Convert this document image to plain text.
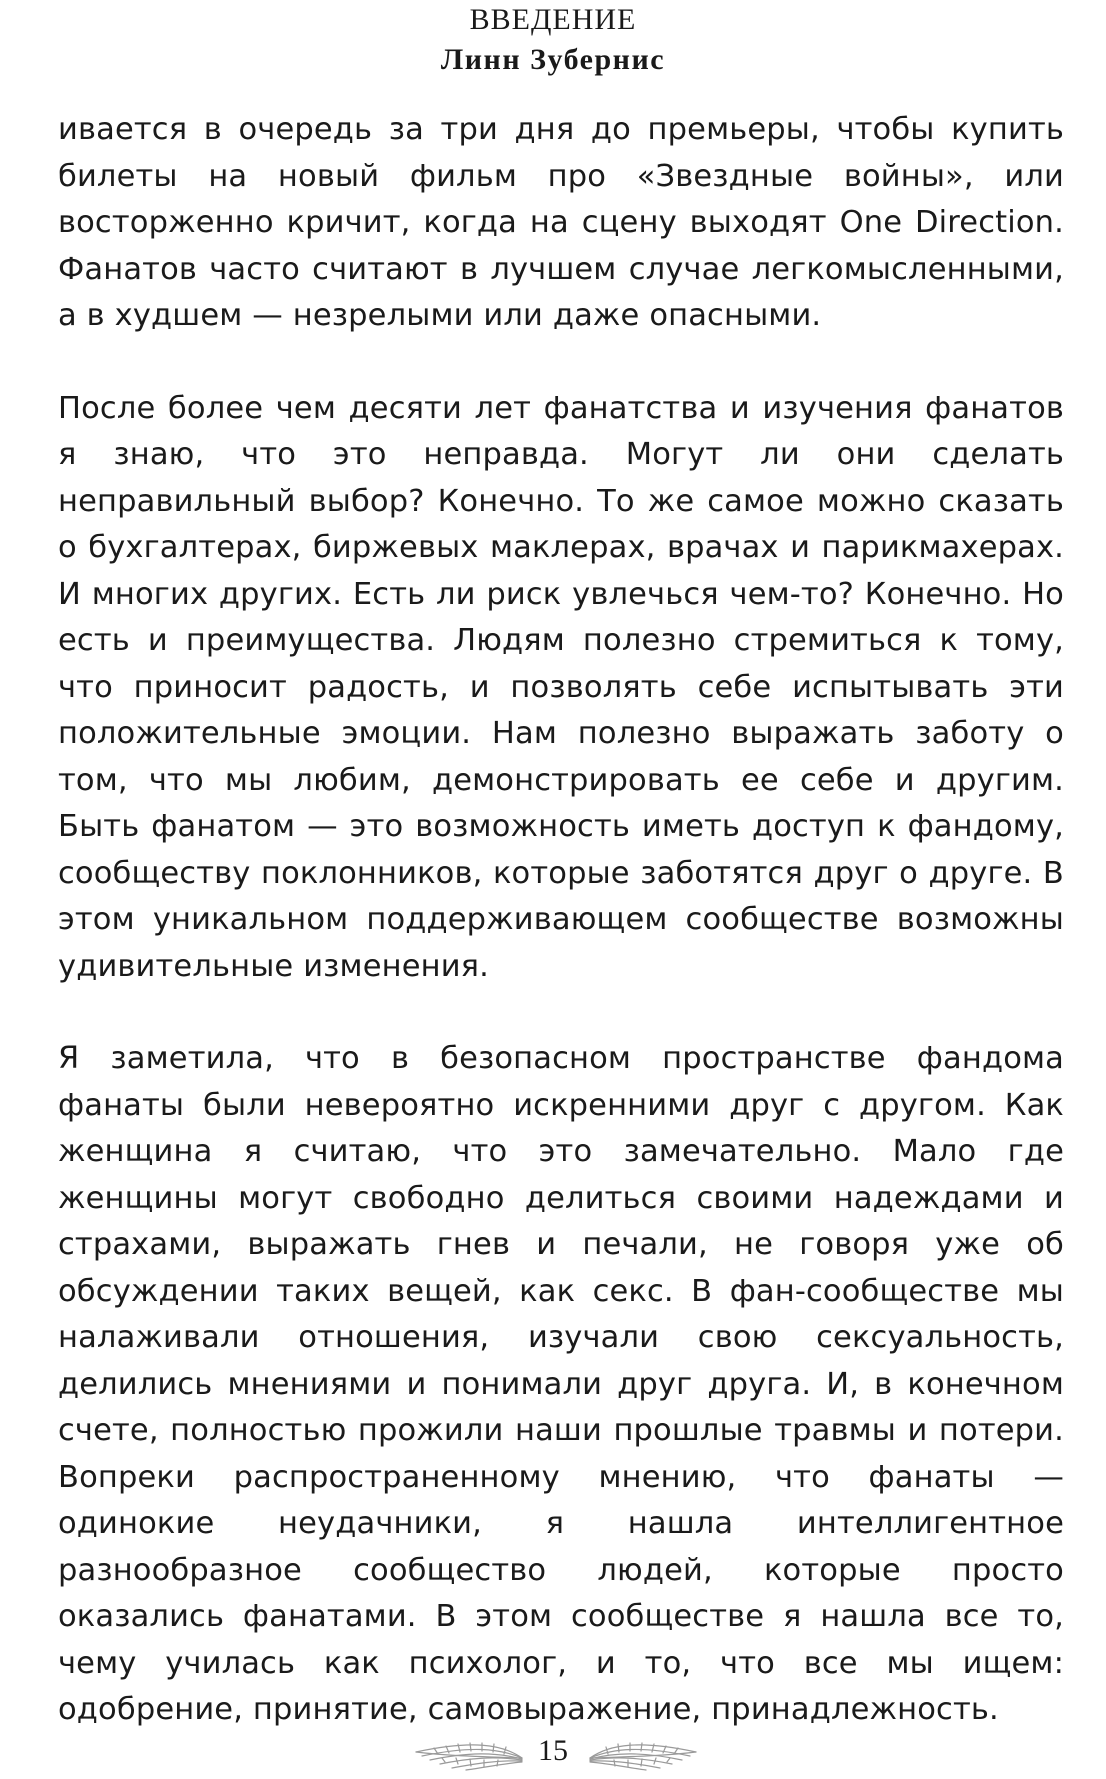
ВВЕДЕНИЕ
Линн Зубернис

ивается в очередь за три дня до премьеры, чтобы купить билеты на новый фильм про «Звездные войны», или восторженно кричит, когда на сцену выходят One Direction. Фанатов часто считают в лучшем случае легкомысленными, а в худшем — незрелыми или даже опасными.

После более чем десяти лет фанатства и изучения фанатов я знаю, что это неправда. Могут ли они сделать неправильный выбор? Конечно. То же самое можно сказать о бухгалтерах, биржевых маклерах, врачах и парикмахерах. И многих других. Есть ли риск увлечься чем-то? Конечно. Но есть и преимущества. Людям полезно стремиться к тому, что приносит радость, и позволять себе испытывать эти положительные эмоции. Нам полезно выражать заботу о том, что мы любим, демонстрировать ее себе и другим. Быть фанатом — это возможность иметь доступ к фандому, сообществу поклонников, которые заботятся друг о друге. В этом уникальном поддерживающем сообществе возможны удивительные изменения.

Я заметила, что в безопасном пространстве фандома фанаты были невероятно искренними друг с другом. Как женщина я считаю, что это замечательно. Мало где женщины могут свободно делиться своими надеждами и страхами, выражать гнев и печали, не говоря уже об обсуждении таких вещей, как секс. В фан-сообществе мы налаживали отношения, изучали свою сексуальность, делились мнениями и понимали друг друга. И, в конечном счете, полностью прожили наши прошлые травмы и потери. Вопреки распространенному мнению, что фанаты — одинокие неудачники, я нашла интеллигентное разнообразное сообщество людей, которые просто оказались фанатами. В этом сообществе я нашла все то, чему училась как психолог, и то, что все мы ищем: одобрение, принятие, самовыражение, принадлежность.

15
